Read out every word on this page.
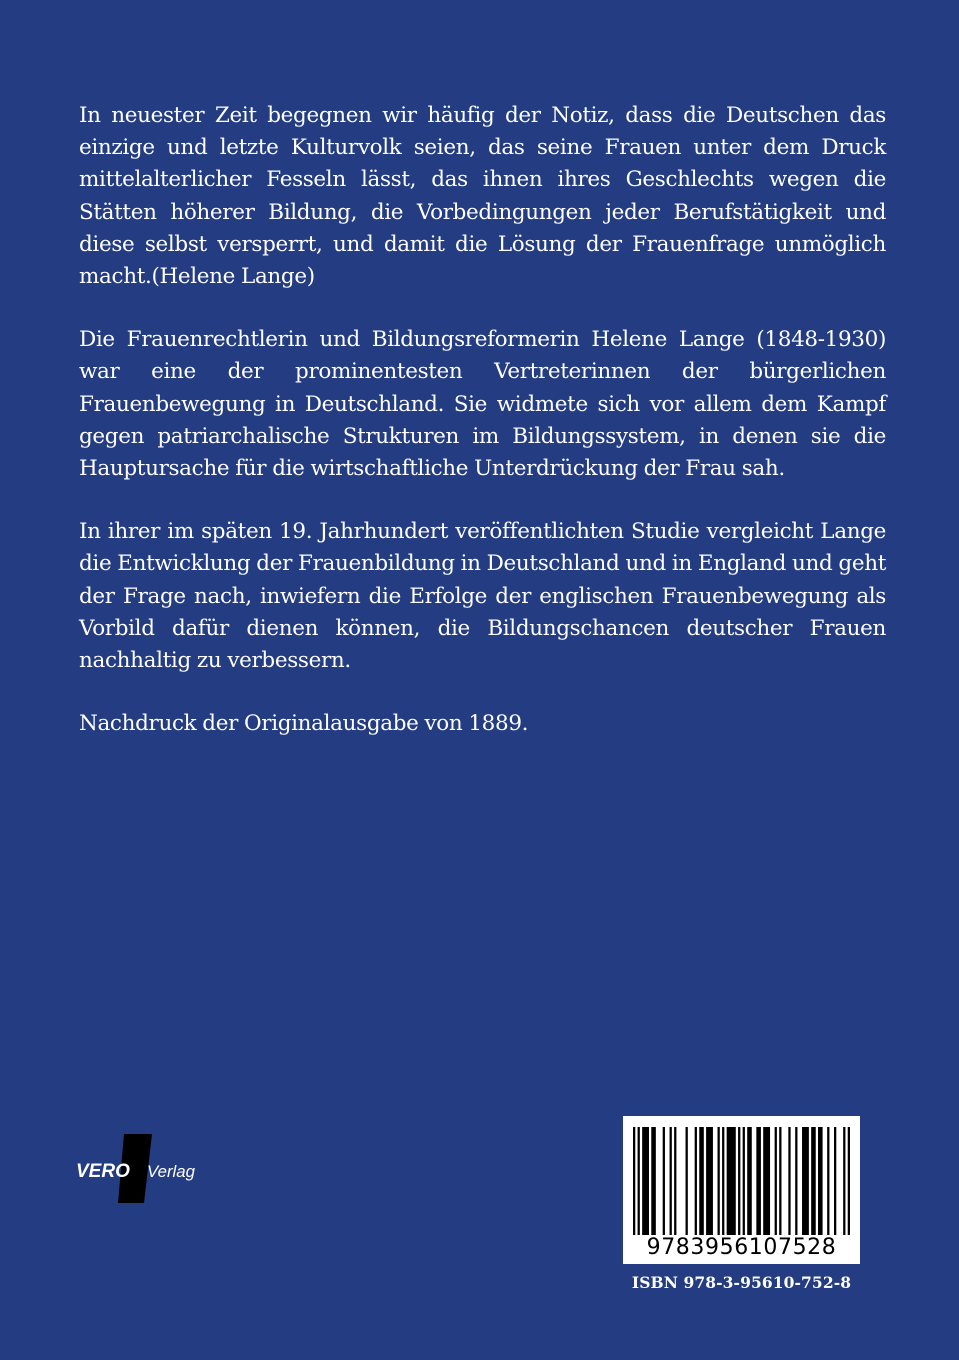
In neuester Zeit begegnen wir häufig der Notiz, dass die Deutschen das einzige und letzte Kulturvolk seien, das seine Frauen unter dem Druck mittelalterlicher Fesseln lässt, das ihnen ihres Geschlechts wegen die Stätten höherer Bildung, die Vorbedingungen jeder Berufstätigkeit und diese selbst versperrt, und damit die Lösung der Frauenfrage unmöglich macht.(Helene Lange)

Die Frauenrechtlerin und Bildungsreformerin Helene Lange (1848-1930) war eine der prominentesten Vertreterinnen der bürgerlichen Frauenbewegung in Deutschland. Sie widmete sich vor allem dem Kampf gegen patriarchalische Strukturen im Bildungssystem, in denen sie die Hauptursache für die wirtschaftliche Unterdrückung der Frau sah.

In ihrer im späten 19. Jahrhundert veröffentlichten Studie vergleicht Lange die Entwicklung der Frauenbildung in Deutschland und in England und geht der Frage nach, inwiefern die Erfolge der englischen Frauenbewegung als Vorbild dafür dienen können, die Bildungschancen deutscher Frauen nachhaltig zu verbessern.

Nachdruck der Originalausgabe von 1889.

VERO Verlag
9783956107528
ISBN 978-3-95610-752-8
